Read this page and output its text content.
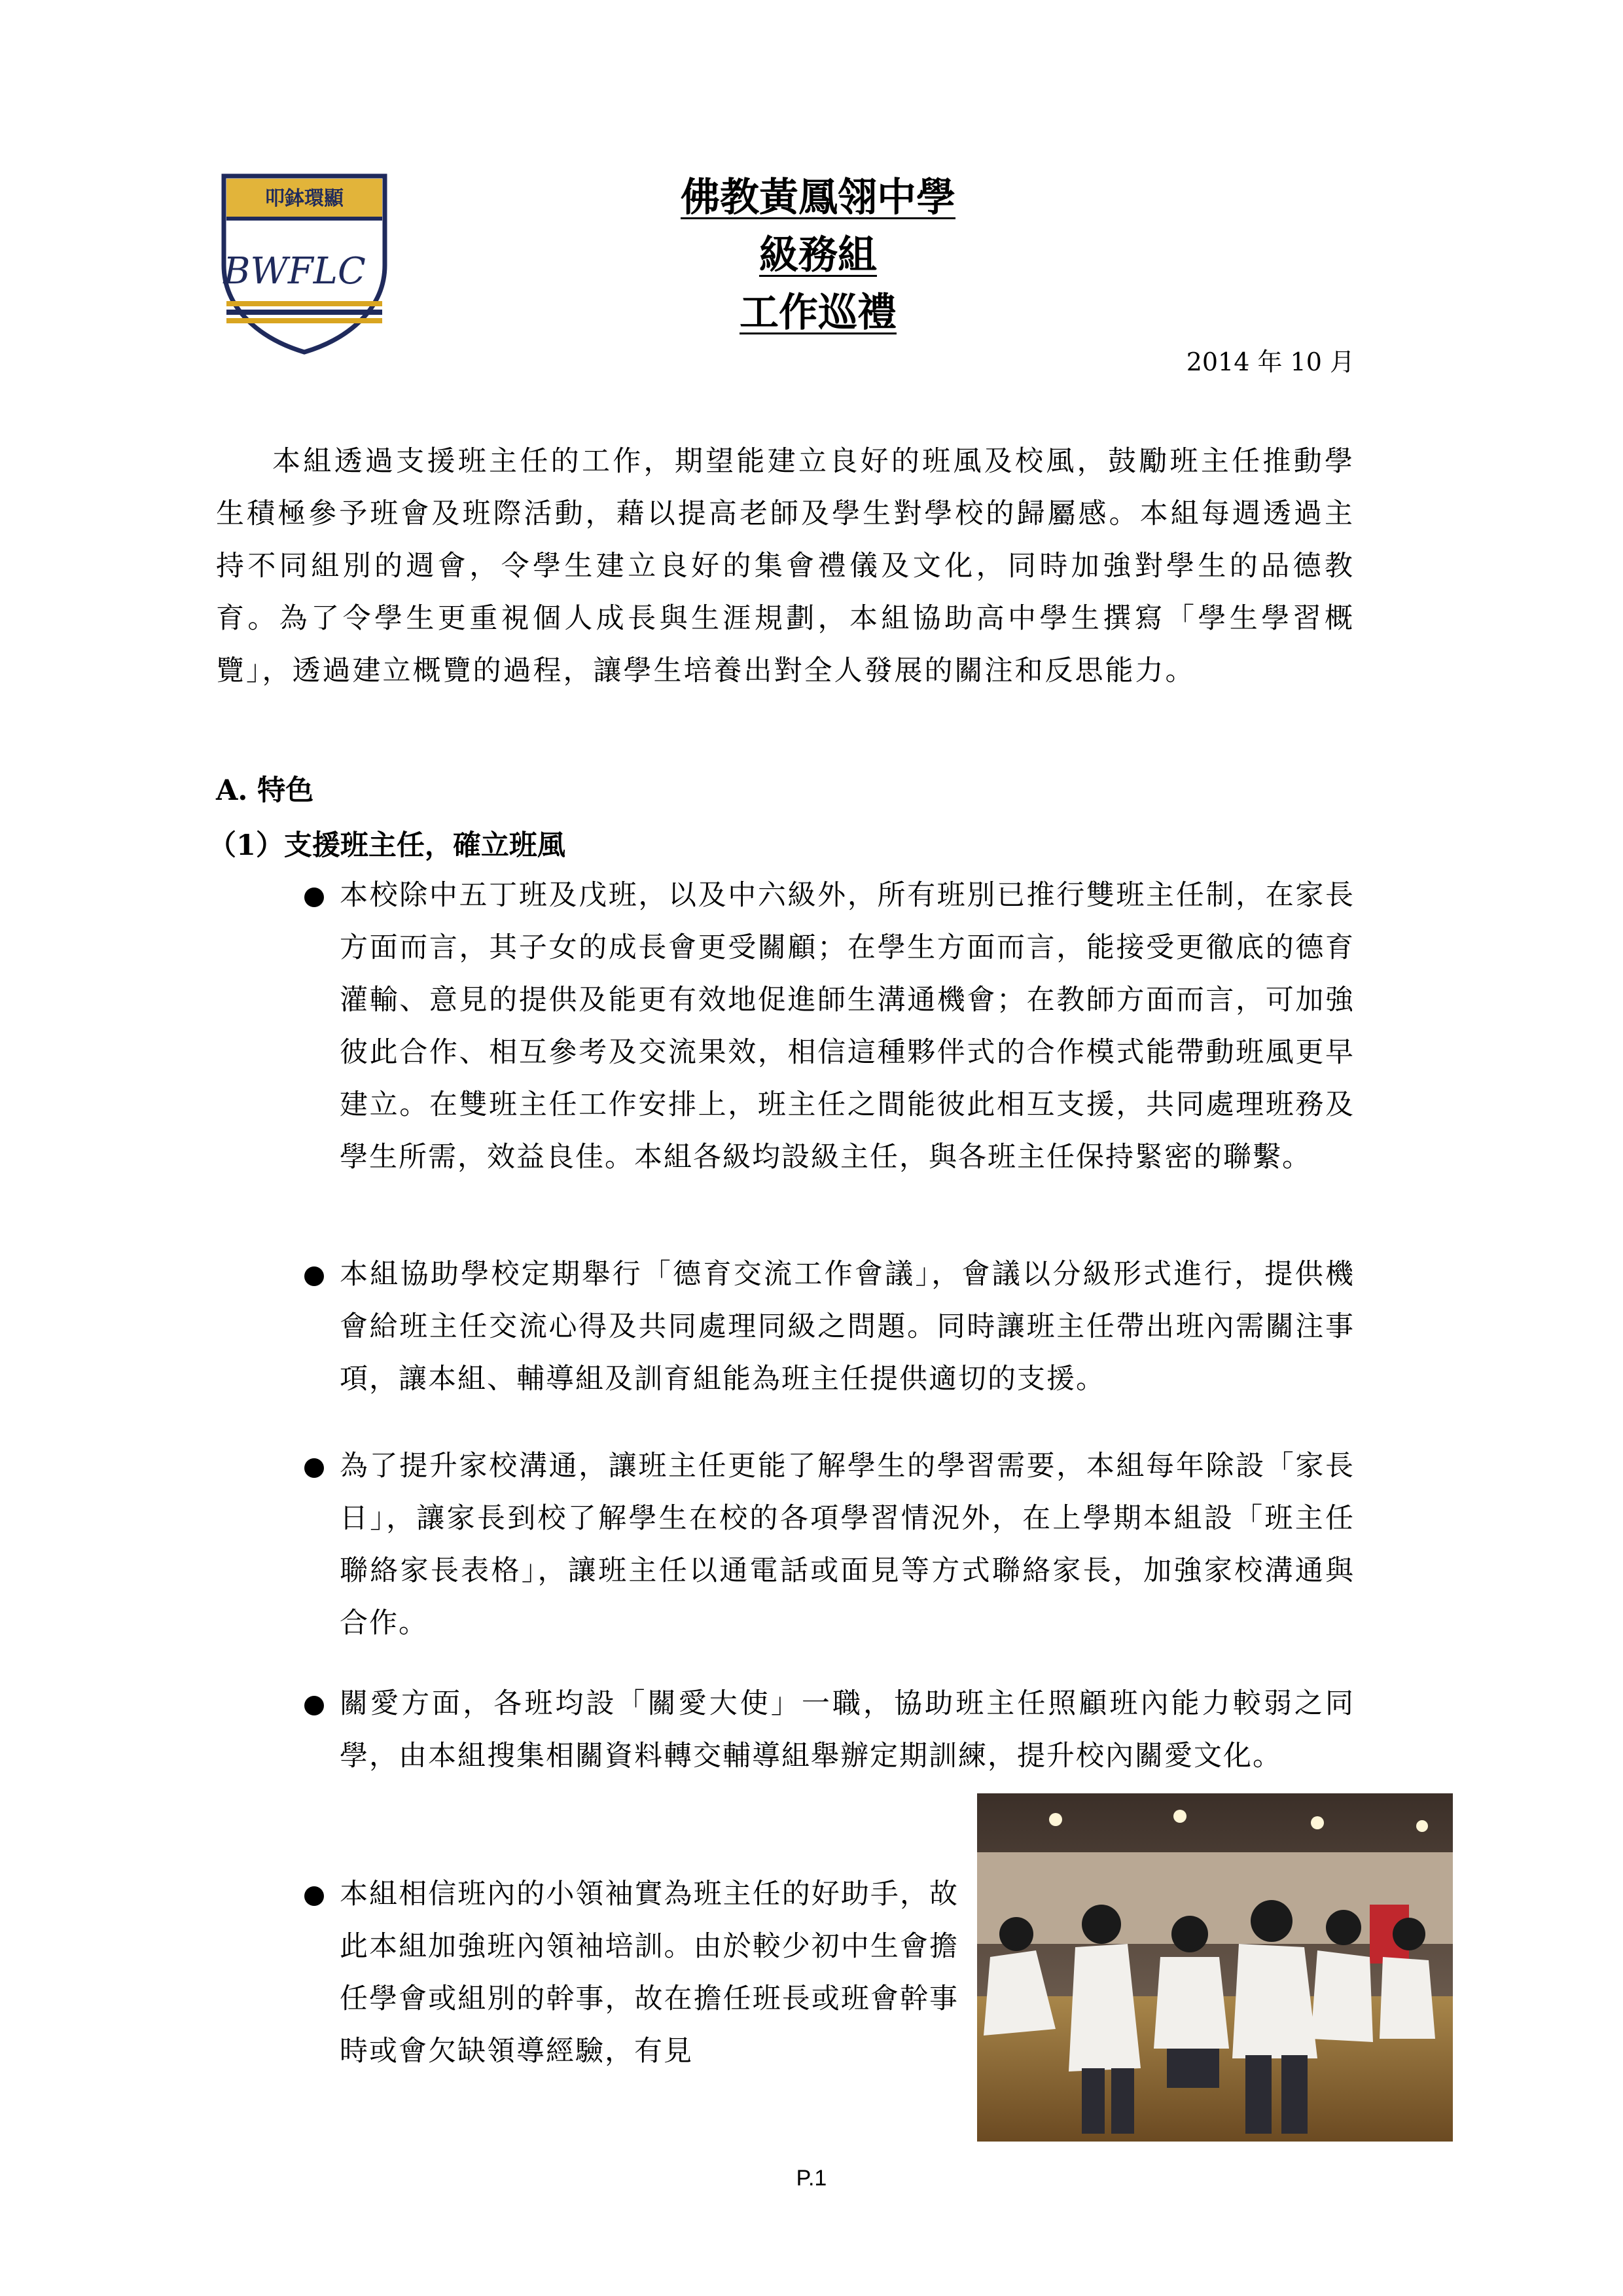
叩鉢環顯
BWFLC
佛教黃鳳翎中學
級務組
工作巡禮
2014 年 10 月

本組透過支援班主任的工作，期望能建立良好的班風及校風，鼓勵班主任推動學生積極參予班會及班際活動，藉以提高老師及學生對學校的歸屬感。本組每週透過主持不同組別的週會，令學生建立良好的集會禮儀及文化，同時加強對學生的品德教育。為了令學生更重視個人成長與生涯規劃，本組協助高中學生撰寫「學生學習概覽」，透過建立概覽的過程，讓學生培養出對全人發展的關注和反思能力。

A. 特色
（1）支援班主任，確立班風

本校除中五丁班及戊班，以及中六級外，所有班別已推行雙班主任制，在家長方面而言，其子女的成長會更受關顧；在學生方面而言，能接受更徹底的德育灌輸、意見的提供及能更有效地促進師生溝通機會；在教師方面而言，可加強彼此合作、相互參考及交流果效，相信這種夥伴式的合作模式能帶動班風更早建立。在雙班主任工作安排上，班主任之間能彼此相互支援，共同處理班務及學生所需，效益良佳。本組各級均設級主任，與各班主任保持緊密的聯繫。

本組協助學校定期舉行「德育交流工作會議」，會議以分級形式進行，提供機會給班主任交流心得及共同處理同級之問題。同時讓班主任帶出班內需關注事項，讓本組、輔導組及訓育組能為班主任提供適切的支援。

為了提升家校溝通，讓班主任更能了解學生的學習需要，本組每年除設「家長日」，讓家長到校了解學生在校的各項學習情況外，在上學期本組設「班主任聯絡家長表格」，讓班主任以通電話或面見等方式聯絡家長，加強家校溝通與合作。

關愛方面，各班均設「關愛大使」一職，協助班主任照顧班內能力較弱之同學，由本組搜集相關資料轉交輔導組舉辦定期訓練，提升校內關愛文化。

本組相信班內的小領袖實為班主任的好助手，故此本組加強班內領袖培訓。由於較少初中生會擔任學會或組別的幹事，故在擔任班長或班會幹事時或會欠缺領導經驗，有見

P.1
